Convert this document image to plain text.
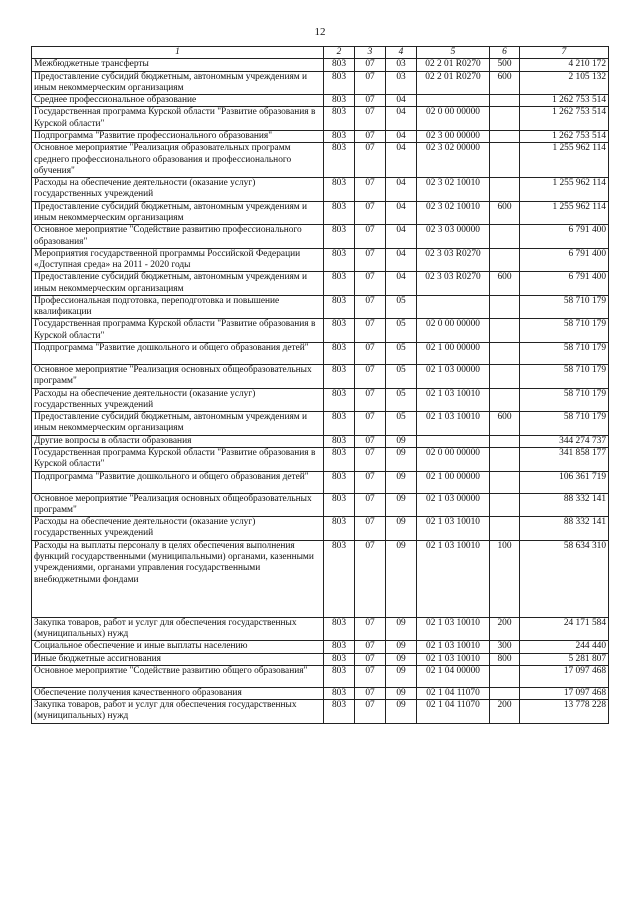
12
1	2	3	4	5	6	7
Межбюджетные трансферты	803	07	03	02 2 01 R0270	500	4 210 172
Предоставление субсидий бюджетным, автономным учреждениям и иным некоммерческим организациям	803	07	03	02 2 01 R0270	600	2 105 132
Среднее профессиональное образование	803	07	04			1 262 753 514
Государственная программа Курской области "Развитие образования в Курской области"	803	07	04	02 0 00 00000		1 262 753 514
Подпрограмма "Развитие профессионального образования"	803	07	04	02 3 00 00000		1 262 753 514
Основное мероприятие "Реализация образовательных программ среднего профессионального образования и профессионального обучения"	803	07	04	02 3 02 00000		1 255 962 114
Расходы на обеспечение деятельности (оказание услуг) государственных учреждений	803	07	04	02 3 02 10010		1 255 962 114
Предоставление субсидий бюджетным, автономным учреждениям и иным некоммерческим организациям	803	07	04	02 3 02 10010	600	1 255 962 114
Основное мероприятие "Содействие развитию профессионального образования"	803	07	04	02 3 03 00000		6 791 400
Мероприятия государственной программы Российской Федерации «Доступная среда» на 2011 - 2020 годы	803	07	04	02 3 03 R0270		6 791 400
Предоставление субсидий бюджетным, автономным учреждениям и иным некоммерческим организациям	803	07	04	02 3 03 R0270	600	6 791 400
Профессиональная подготовка, переподготовка и повышение квалификации	803	07	05			58 710 179
Государственная программа Курской области "Развитие образования в Курской области"	803	07	05	02 0 00 00000		58 710 179
Подпрограмма "Развитие дошкольного и общего образования детей"	803	07	05	02 1 00 00000		58 710 179
Основное мероприятие "Реализация основных общеобразовательных программ"	803	07	05	02 1 03 00000		58 710 179
Расходы на обеспечение деятельности (оказание услуг) государственных учреждений	803	07	05	02 1 03 10010		58 710 179
Предоставление субсидий бюджетным, автономным учреждениям и иным некоммерческим организациям	803	07	05	02 1 03 10010	600	58 710 179
Другие вопросы в области образования	803	07	09			344 274 737
Государственная программа Курской области "Развитие образования в Курской области"	803	07	09	02 0 00 00000		341 858 177
Подпрограмма "Развитие дошкольного и общего образования детей"	803	07	09	02 1 00 00000		106 361 719
Основное мероприятие "Реализация основных общеобразовательных программ"	803	07	09	02 1 03 00000		88 332 141
Расходы на обеспечение деятельности (оказание услуг) государственных учреждений	803	07	09	02 1 03 10010		88 332 141
Расходы на выплаты персоналу в целях обеспечения выполнения функций государственными (муниципальными) органами, казенными учреждениями, органами управления государственными внебюджетными фондами	803	07	09	02 1 03 10010	100	58 634 310
Закупка товаров, работ и услуг для обеспечения государственных (муниципальных) нужд	803	07	09	02 1 03 10010	200	24 171 584
Социальное обеспечение и иные выплаты населению	803	07	09	02 1 03 10010	300	244 440
Иные бюджетные ассигнования	803	07	09	02 1 03 10010	800	5 281 807
Основное мероприятие "Содействие развитию общего образования"	803	07	09	02 1 04 00000		17 097 468
Обеспечение получения качественного образования	803	07	09	02 1 04 11070		17 097 468
Закупка товаров, работ и услуг для обеспечения государственных (муниципальных) нужд	803	07	09	02 1 04 11070	200	13 778 228
